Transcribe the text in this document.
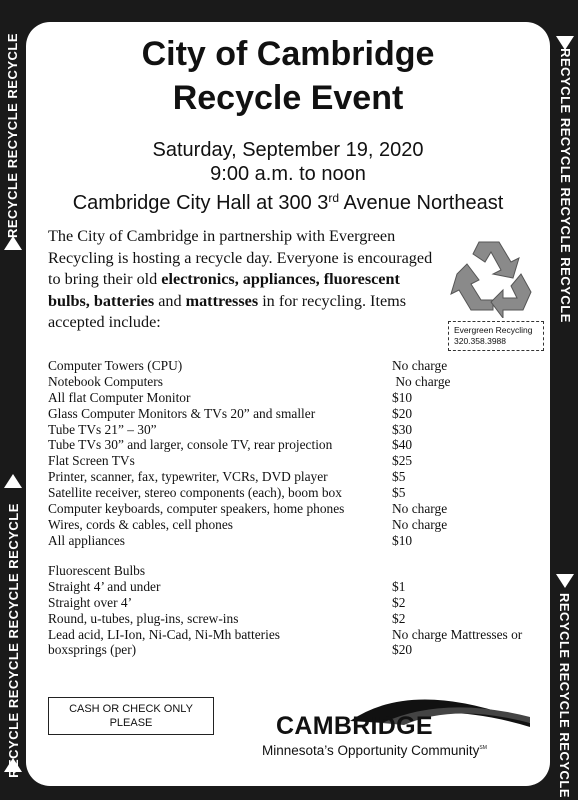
RECYCLE RECYCLE RECYCLE
RECYCLE RECYCLE RECYCLE RECYCLE
RECYCLE RECYCLE RECYCLE RECYCLE
RECYCLE RECYCLE RECYCLE
City of Cambridge
Recycle Event
Saturday, September 19, 2020
9:00 a.m. to noon
Cambridge City Hall at 300 3rd Avenue Northeast
The City of Cambridge in partnership with Evergreen Recycling is hosting a recycle day. Everyone is encouraged to bring their old electronics, appliances, fluorescent bulbs, batteries and mattresses in for recycling. Items accepted include:	Evergreen Recycling
320.358.3988
Computer Towers (CPU)	No charge
Notebook Computers	No charge
All flat Computer Monitor	$10
Glass Computer Monitors & TVs 20” and smaller	$20
Tube TVs 21” – 30”	$30
Tube TVs 30” and larger, console TV, rear projection	$40
Flat Screen TVs	$25
Printer, scanner, fax, typewriter, VCRs, DVD player	$5
Satellite receiver, stereo components (each), boom box	$5
Computer keyboards, computer speakers, home phones	No charge
Wires, cords & cables, cell phones	No charge
All appliances	$10
Fluorescent Bulbs
Straight 4’ and under	$1
Straight over 4’	$2
Round, u-tubes, plug-ins, screw-ins	$2
Lead acid, LI-Ion, Ni-Cad, Ni-Mh batteries	No charge Mattresses or
boxsprings (per)	$20
CASH OR CHECK ONLY
PLEASE	CAMBRIDGE
Minnesota’s Opportunity Community℠
